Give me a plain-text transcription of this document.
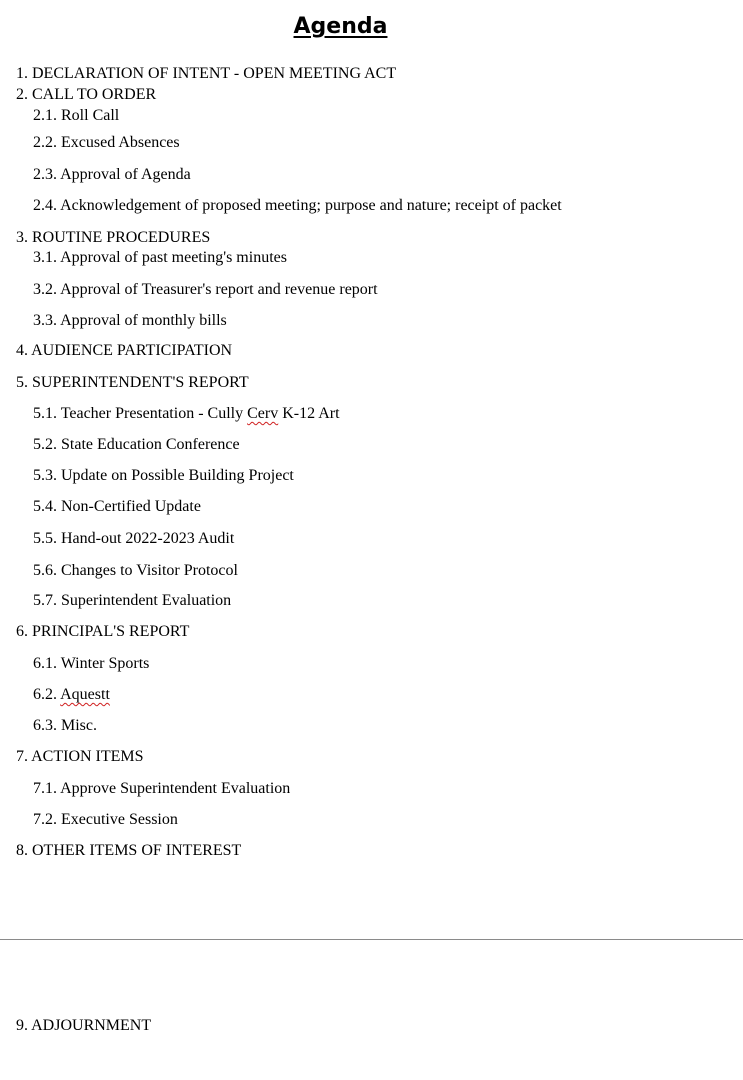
Agenda
1. DECLARATION OF INTENT - OPEN MEETING ACT
2. CALL TO ORDER
2.1. Roll Call
2.2. Excused Absences
2.3. Approval of Agenda
2.4. Acknowledgement of proposed meeting; purpose and nature; receipt of packet
3. ROUTINE PROCEDURES
3.1. Approval of past meeting's minutes
3.2. Approval of Treasurer's report and revenue report
3.3. Approval of monthly bills
4. AUDIENCE PARTICIPATION
5. SUPERINTENDENT'S REPORT
5.1. Teacher Presentation - Cully Cerv K-12 Art
5.2. State Education Conference
5.3. Update on Possible Building Project
5.4. Non-Certified Update
5.5. Hand-out 2022-2023 Audit
5.6. Changes to Visitor Protocol
5.7. Superintendent Evaluation
6. PRINCIPAL'S REPORT
6.1. Winter Sports
6.2. Aquestt
6.3. Misc.
7. ACTION ITEMS
7.1. Approve Superintendent Evaluation
7.2. Executive Session
8. OTHER ITEMS OF INTEREST
9. ADJOURNMENT
